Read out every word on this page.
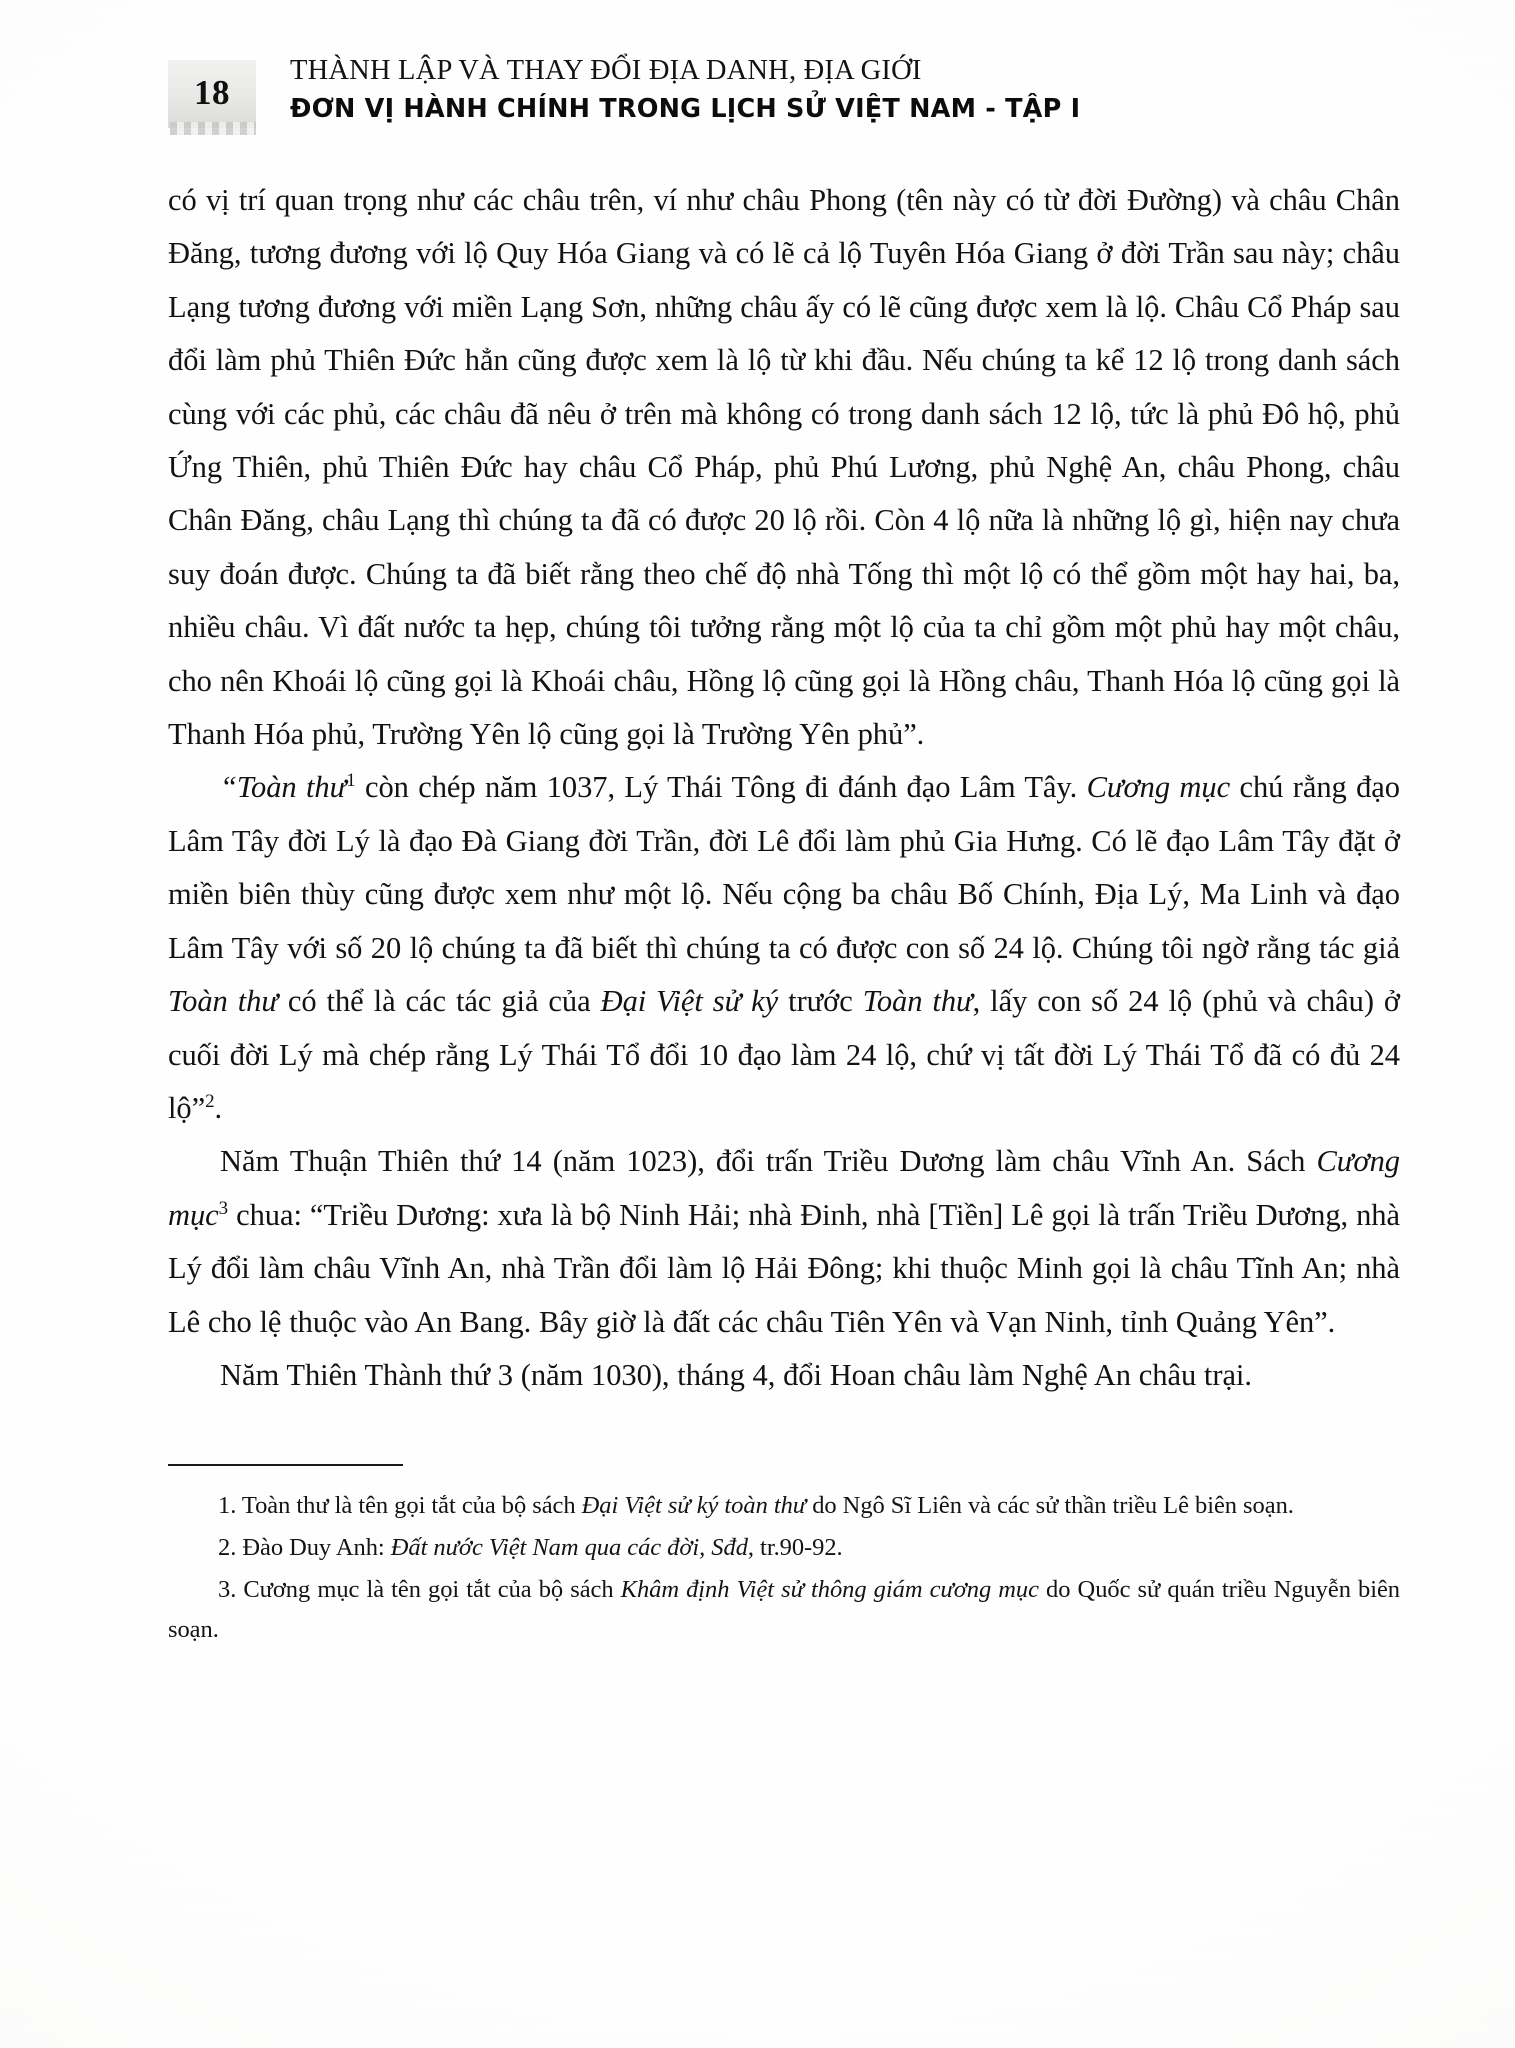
18
THÀNH LẬP VÀ THAY ĐỔI ĐỊA DANH, ĐỊA GIỚI
ĐƠN VỊ HÀNH CHÍNH TRONG LỊCH SỬ VIỆT NAM - TẬP I

có vị trí quan trọng như các châu trên, ví như châu Phong (tên này có từ đời Đường) và châu Chân Đăng, tương đương với lộ Quy Hóa Giang và có lẽ cả lộ Tuyên Hóa Giang ở đời Trần sau này; châu Lạng tương đương với miền Lạng Sơn, những châu ấy có lẽ cũng được xem là lộ. Châu Cổ Pháp sau đổi làm phủ Thiên Đức hẳn cũng được xem là lộ từ khi đầu. Nếu chúng ta kể 12 lộ trong danh sách cùng với các phủ, các châu đã nêu ở trên mà không có trong danh sách 12 lộ, tức là phủ Đô hộ, phủ Ứng Thiên, phủ Thiên Đức hay châu Cổ Pháp, phủ Phú Lương, phủ Nghệ An, châu Phong, châu Chân Đăng, châu Lạng thì chúng ta đã có được 20 lộ rồi. Còn 4 lộ nữa là những lộ gì, hiện nay chưa suy đoán được. Chúng ta đã biết rằng theo chế độ nhà Tống thì một lộ có thể gồm một hay hai, ba, nhiều châu. Vì đất nước ta hẹp, chúng tôi tưởng rằng một lộ của ta chỉ gồm một phủ hay một châu, cho nên Khoái lộ cũng gọi là Khoái châu, Hồng lộ cũng gọi là Hồng châu, Thanh Hóa lộ cũng gọi là Thanh Hóa phủ, Trường Yên lộ cũng gọi là Trường Yên phủ”.

“Toàn thư$^1$ còn chép năm 1037, Lý Thái Tông đi đánh đạo Lâm Tây. Cương mục chú rằng đạo Lâm Tây đời Lý là đạo Đà Giang đời Trần, đời Lê đổi làm phủ Gia Hưng. Có lẽ đạo Lâm Tây đặt ở miền biên thùy cũng được xem như một lộ. Nếu cộng ba châu Bố Chính, Địa Lý, Ma Linh và đạo Lâm Tây với số 20 lộ chúng ta đã biết thì chúng ta có được con số 24 lộ. Chúng tôi ngờ rằng tác giả Toàn thư có thể là các tác giả của Đại Việt sử ký trước Toàn thư, lấy con số 24 lộ (phủ và châu) ở cuối đời Lý mà chép rằng Lý Thái Tổ đổi 10 đạo làm 24 lộ, chứ vị tất đời Lý Thái Tổ đã có đủ 24 lộ”$^2$.

Năm Thuận Thiên thứ 14 (năm 1023), đổi trấn Triều Dương làm châu Vĩnh An. Sách Cương mục$^3$ chua: “Triều Dương: xưa là bộ Ninh Hải; nhà Đinh, nhà [Tiền] Lê gọi là trấn Triều Dương, nhà Lý đổi làm châu Vĩnh An, nhà Trần đổi làm lộ Hải Đông; khi thuộc Minh gọi là châu Tĩnh An; nhà Lê cho lệ thuộc vào An Bang. Bây giờ là đất các châu Tiên Yên và Vạn Ninh, tỉnh Quảng Yên”.

Năm Thiên Thành thứ 3 (năm 1030), tháng 4, đổi Hoan châu làm Nghệ An châu trại.

1. Toàn thư là tên gọi tắt của bộ sách Đại Việt sử ký toàn thư do Ngô Sĩ Liên và các sử thần triều Lê biên soạn.

2. Đào Duy Anh: Đất nước Việt Nam qua các đời, Sđd, tr.90-92.

3. Cương mục là tên gọi tắt của bộ sách Khâm định Việt sử thông giám cương mục do Quốc sử quán triều Nguyễn biên soạn.
